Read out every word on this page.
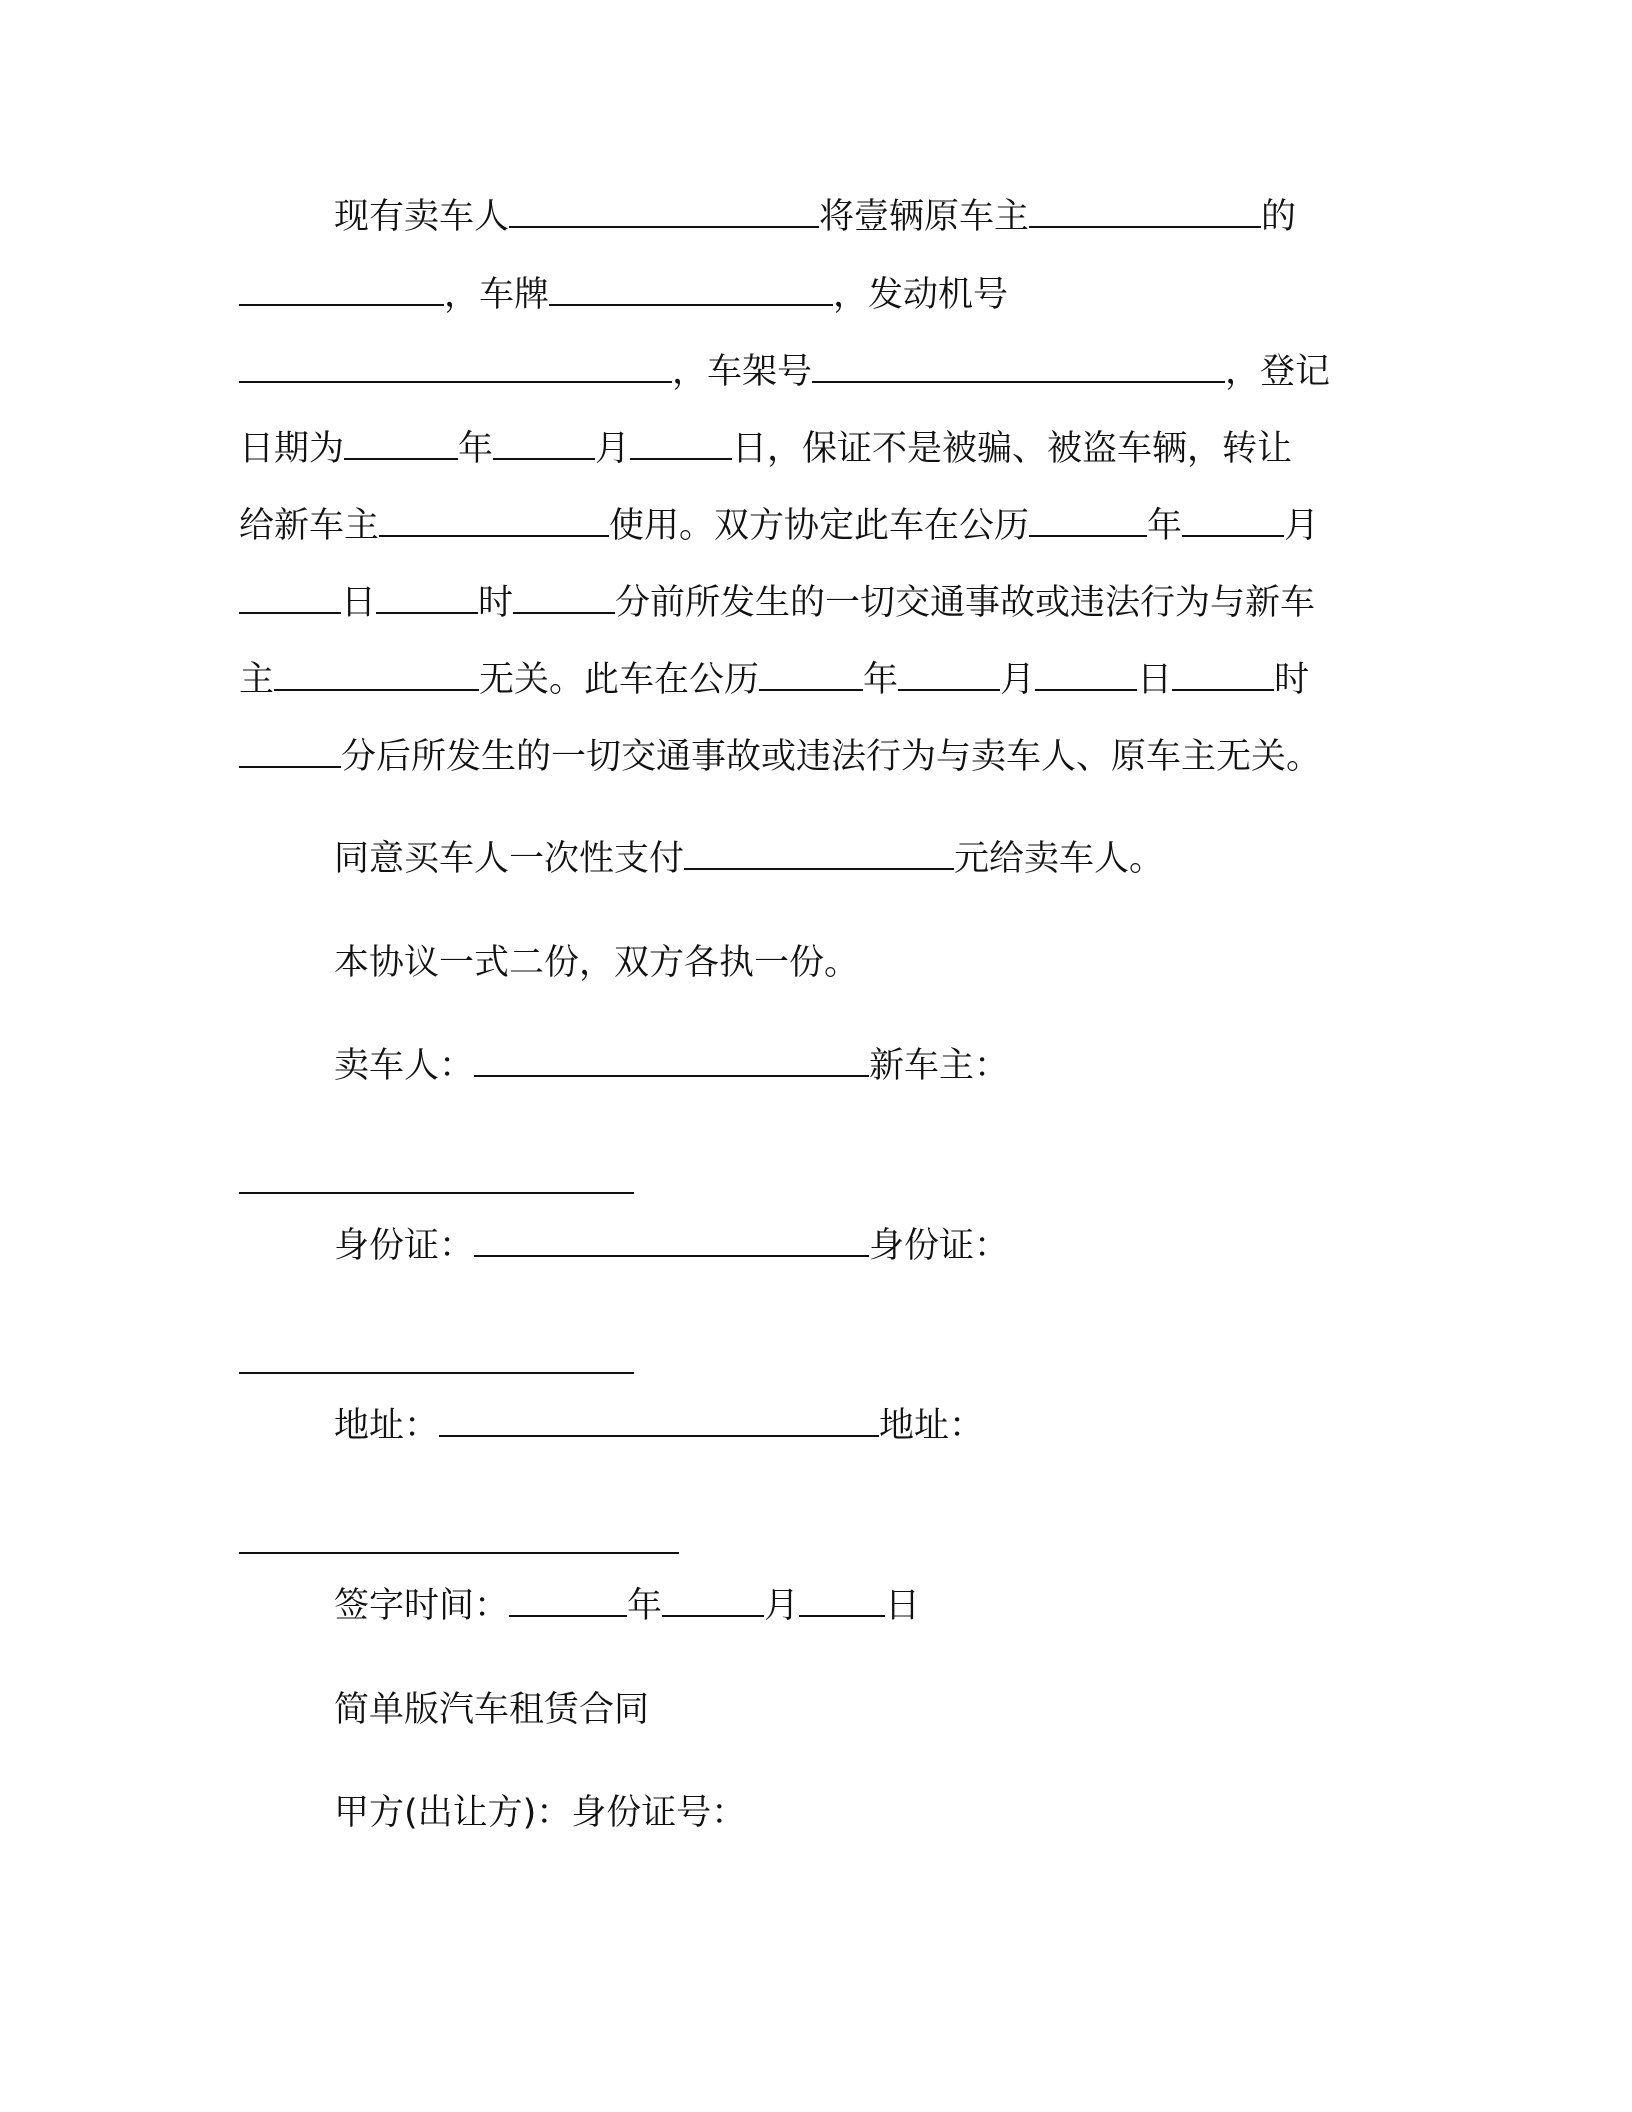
现有卖车人	将壹辆原车主	的

，车牌	，发动机号

，车架号	，登记

日期为	年	月	日，保证不是被骗、被盗车辆，转让

给新车主	使用。双方协定此车在公历	年	月

日	时	分前所发生的一切交通事故或违法行为与新车

主	无关。此车在公历	年	月	日	时

分后所发生的一切交通事故或违法行为与卖车人、原车主无关。

同意买车人一次性支付	元给卖车人。

本协议一式二份，双方各执一份。

卖车人：	新车主：

身份证：	身份证：

地址：	地址：

签字时间：	年	月 日

简单版汽车租赁合同

甲方(出让方)：身份证号：
